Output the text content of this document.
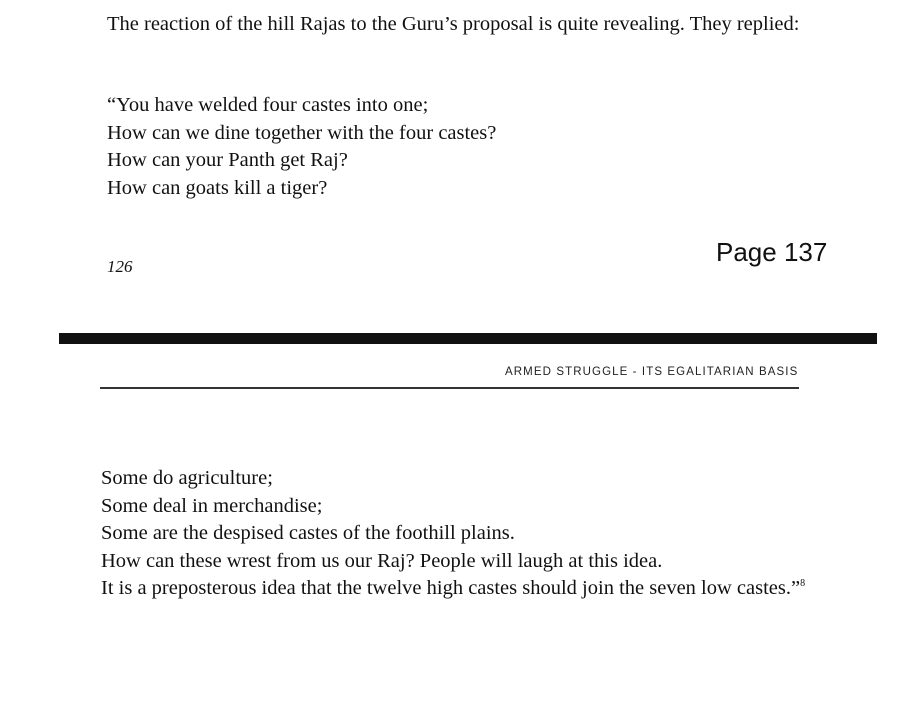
The reaction of the hill Rajas to the Guru’s proposal is quite revealing. They replied:

“You have welded four castes into one;
How can we dine together with the four castes?
How can your Panth get Raj?
How can goats kill a tiger?
126	Page 137
ARMED STRUGGLE - ITS EGALITARIAN BASIS
Some do agriculture;
Some deal in merchandise;
Some are the despised castes of the foothill plains.
How can these wrest from us our Raj? People will laugh at this idea.
It is a preposterous idea that the twelve high castes should join the seven low castes.”$^8$
